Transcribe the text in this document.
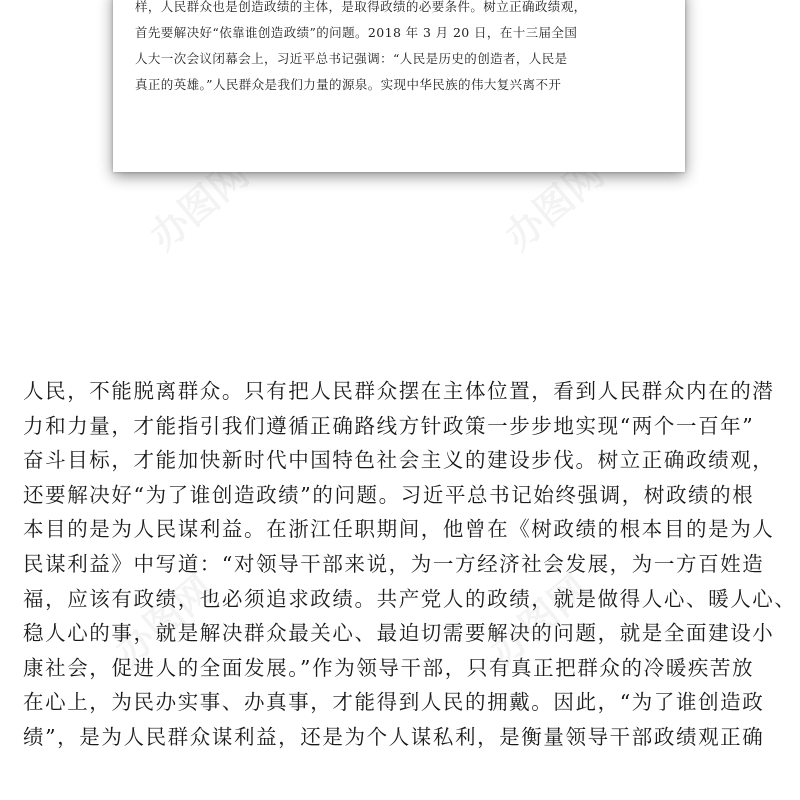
办图网	办图网
办图网	办图网
样，人民群众也是创造政绩的主体，是取得政绩的必要条件。树立正确政绩观，
首先要解决好“依靠谁创造政绩”的问题。2018 年 3 月 20 日，在十三届全国
人大一次会议闭幕会上，习近平总书记强调：“人民是历史的创造者，人民是
真正的英雄。”人民群众是我们力量的源泉。实现中华民族的伟大复兴离不开
人民，不能脱离群众。只有把人民群众摆在主体位置，看到人民群众内在的潜
力和力量，才能指引我们遵循正确路线方针政策一步步地实现“两个一百年”
奋斗目标，才能加快新时代中国特色社会主义的建设步伐。树立正确政绩观，
还要解决好“为了谁创造政绩”的问题。习近平总书记始终强调，树政绩的根
本目的是为人民谋利益。在浙江任职期间，他曾在《树政绩的根本目的是为人
民谋利益》中写道：“对领导干部来说，为一方经济社会发展，为一方百姓造
福，应该有政绩，也必须追求政绩。共产党人的政绩，就是做得人心、暖人心、
稳人心的事，就是解决群众最关心、最迫切需要解决的问题，就是全面建设小
康社会，促进人的全面发展。”作为领导干部，只有真正把群众的冷暖疾苦放
在心上，为民办实事、办真事，才能得到人民的拥戴。因此，“为了谁创造政
绩”，是为人民群众谋利益，还是为个人谋私利，是衡量领导干部政绩观正确
